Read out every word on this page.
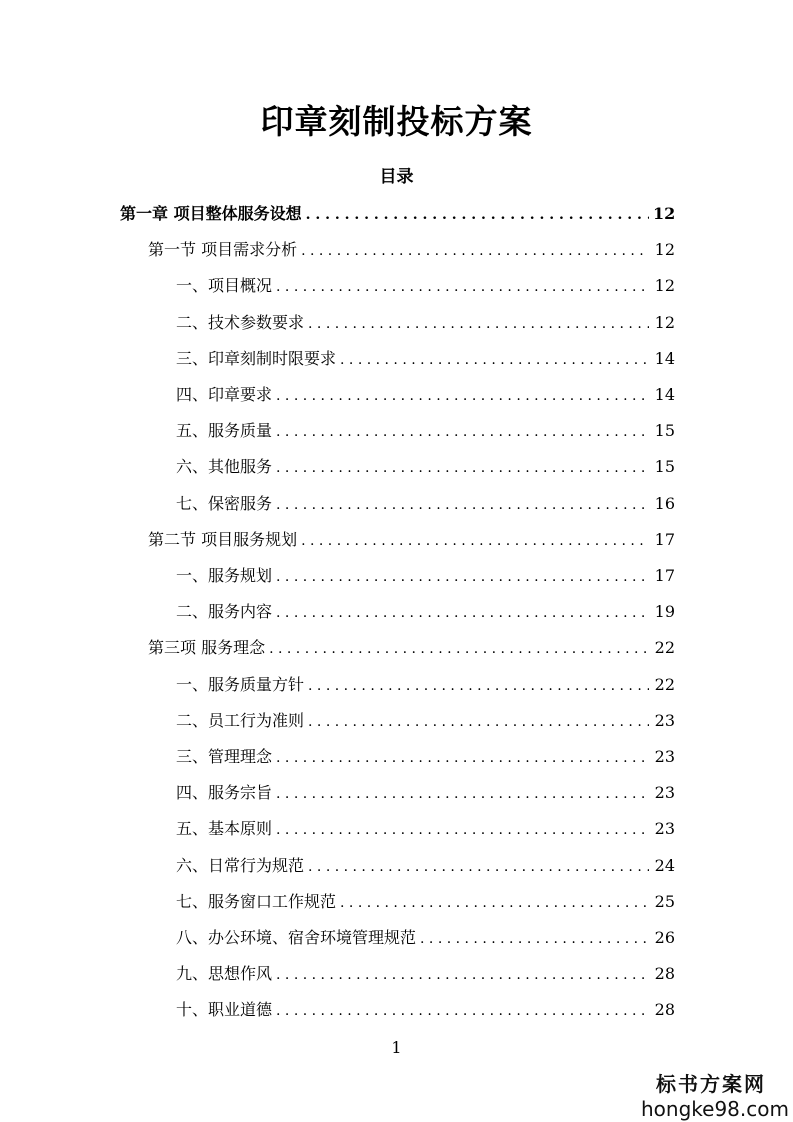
印章刻制投标方案
目录
第一章 项目整体服务设想 . . .	12
第一节 项目需求分析 . . .	12
一、项目概况 . . .	12
二、技术参数要求 . . .	12
三、印章刻制时限要求 . . .	14
四、印章要求 . . .	14
五、服务质量 . . .	15
六、其他服务 . . .	15
七、保密服务 . . .	16
第二节 项目服务规划 . . .	17
一、服务规划 . . .	17
二、服务内容 . . .	19
第三项 服务理念 . . .	22
一、服务质量方针 . . .	22
二、员工行为准则 . . .	23
三、管理理念 . . .	23
四、服务宗旨 . . .	23
五、基本原则 . . .	23
六、日常行为规范 . . .	24
七、服务窗口工作规范 . . .	25
八、办公环境、宿舍环境管理规范 . . .	26
九、思想作风 . . .	28
十、职业道德 . . .	28
1
标书方案网
hongke98.com
